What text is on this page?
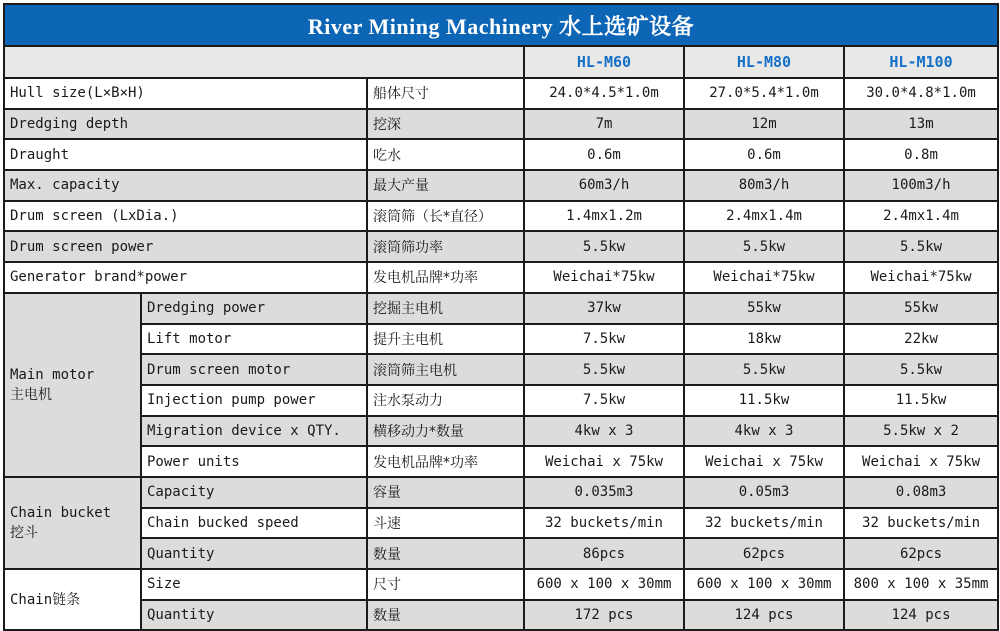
River Mining Machinery 水上选矿设备					
			HL-M60	HL-M80	HL-M100
Hull size(L×B×H)		船体尺寸	24.0*4.5*1.0m	27.0*5.4*1.0m	30.0*4.8*1.0m
Dredging depth		挖深	7m	12m	13m
Draught		吃水	0.6m	0.6m	0.8m
Max. capacity		最大产量	60m3/h	80m3/h	100m3/h
Drum screen (LxDia.)		滚筒筛（长*直径）	1.4mx1.2m	2.4mx1.4m	2.4mx1.4m
Drum screen power		滚筒筛功率	5.5kw	5.5kw	5.5kw
Generator brand*power		发电机品牌*功率	Weichai*75kw	Weichai*75kw	Weichai*75kw
Main motor
主电机	Dredging power	挖掘主电机	37kw	55kw	55kw
	Lift motor	提升主电机	7.5kw	18kw	22kw
	Drum screen motor	滚筒筛主电机	5.5kw	5.5kw	5.5kw
	Injection pump power	注水泵动力	7.5kw	11.5kw	11.5kw
	Migration device x QTY.	横移动力*数量	4kw x 3	4kw x 3	5.5kw x 2
	Power units	发电机品牌*功率	Weichai x 75kw	Weichai x 75kw	Weichai x 75kw
Chain bucket
挖斗	Capacity	容量	0.035m3	0.05m3	0.08m3
	Chain bucked speed	斗速	32 buckets/min	32 buckets/min	32 buckets/min
	Quantity	数量	86pcs	62pcs	62pcs
Chain链条	Size	尺寸	600 x 100 x 30mm	600 x 100 x 30mm	800 x 100 x 35mm
	Quantity	数量	172 pcs	124 pcs	124 pcs
